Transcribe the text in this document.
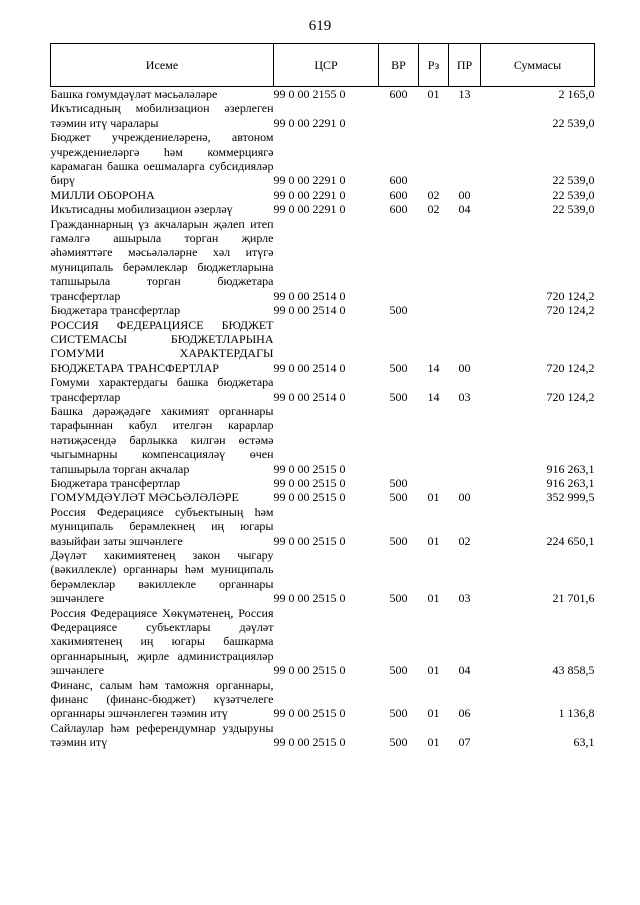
619
Исеме	ЦСР	ВР	Рз	ПР	Суммасы
Башка гомумдәүләт мәсьәләләре	99 0 00 2155 0	600	01	13	2 165,0
Икътисадның мобилизацион әзерлеген тәэмин итү чаралары	99 0 00 2291 0				22 539,0
Бюджет учреждениеләренә, автоном учреждениеләргә һәм коммерциягә карамаган башка оешмаларга субсидияләр бирү	99 0 00 2291 0	600			22 539,0
МИЛЛИ ОБОРОНА	99 0 00 2291 0	600	02	00	22 539,0
Икътисадны мобилизацион әзерләү	99 0 00 2291 0	600	02	04	22 539,0
Гражданнарның үз акчаларын җәлеп итеп гамәлгә ашырыла торган җирле әһәмияттәге мәсьәләләрне хәл итүгә муниципаль берәмлекләр бюджетларына тапшырыла торган бюджетара трансфертлар	99 0 00 2514 0				720 124,2
Бюджетара трансфертлар	99 0 00 2514 0	500			720 124,2
РОССИЯ ФЕДЕРАЦИЯСЕ БЮДЖЕТ СИСТЕМАСЫ БЮДЖЕТЛАРЫНА ГОМУМИ ХАРАКТЕРДАГЫ БЮДЖЕТАРА ТРАНСФЕРТЛАР	99 0 00 2514 0	500	14	00	720 124,2
Гомуми характердагы башка бюджетара трансфертлар	99 0 00 2514 0	500	14	03	720 124,2
Башка дәрәҗәдәге хакимият органнары тарафыннан кабул ителгән карарлар нәтиҗәсендә барлыкка килгән өстәмә чыгымнарны компенсацияләү өчен тапшырыла торган акчалар	99 0 00 2515 0				916 263,1
Бюджетара трансфертлар	99 0 00 2515 0	500			916 263,1
ГОМУМДӘҮЛӘТ МӘСЬӘЛӘЛӘРЕ	99 0 00 2515 0	500	01	00	352 999,5
Россия Федерациясе субъектының һәм муниципаль берәмлекнең иң югары вазыйфаи заты эшчәнлеге	99 0 00 2515 0	500	01	02	224 650,1
Дәүләт хакимиятенең закон чыгару (вәкиллекле) органнары һәм муниципаль берәмлекләр вәкиллекле органнары эшчәнлеге	99 0 00 2515 0	500	01	03	21 701,6
Россия Федерациясе Хөкүмәтенең, Россия Федерациясе субъектлары дәүләт хакимиятенең иң югары башкарма органнарының, җирле администрацияләр эшчәнлеге	99 0 00 2515 0	500	01	04	43 858,5
Финанс, салым һәм таможня органнары, финанс (финанс-бюджет) күзәтчелеге органнары эшчәнлеген тәэмин итү	99 0 00 2515 0	500	01	06	1 136,8
Сайлаулар һәм референдумнар уздыруны тәэмин итү	99 0 00 2515 0	500	01	07	63,1
